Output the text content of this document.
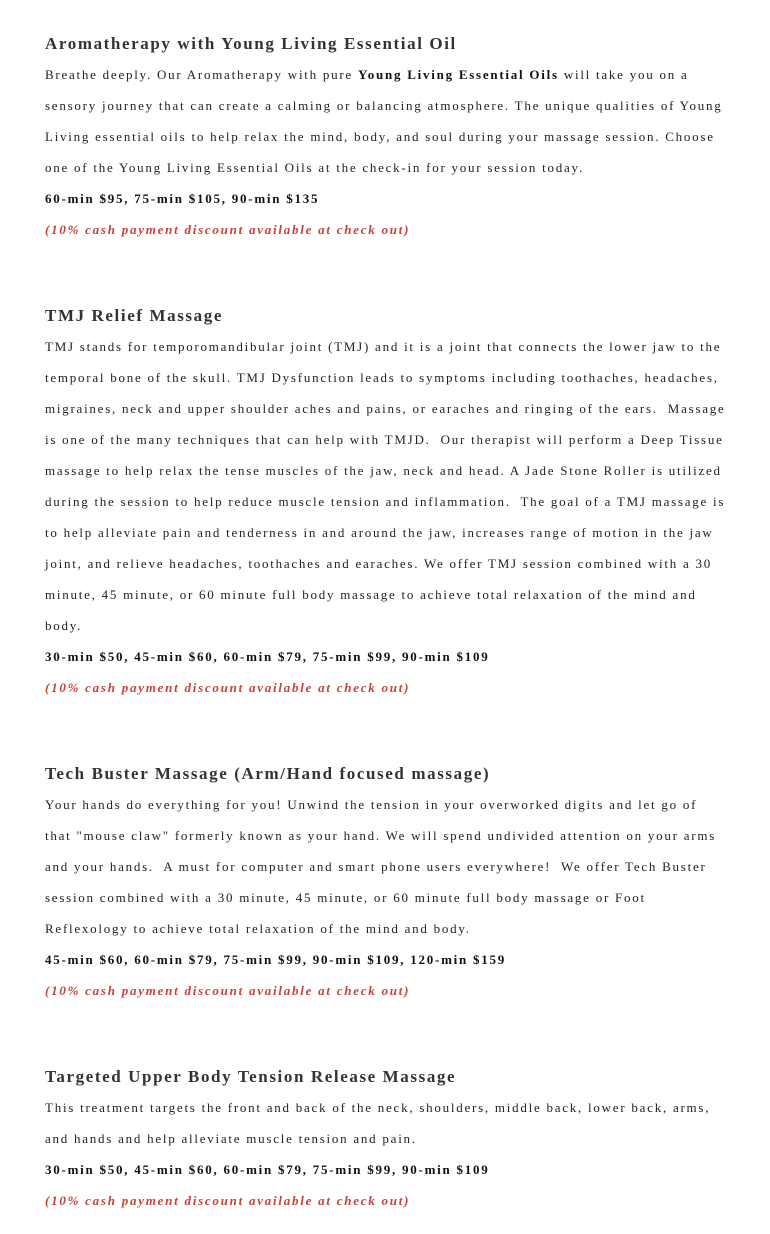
Aromatherapy with Young Living Essential Oil

Breathe deeply. Our Aromatherapy with pure Young Living Essential Oils will take you on a sensory journey that can create a calming or balancing atmosphere. The unique qualities of Young Living essential oils to help relax the mind, body, and soul during your massage session. Choose one of the Young Living Essential Oils at the check-in for your session today.

60-min $95, 75-min $105, 90-min $135

(10% cash payment discount available at check out)

TMJ Relief Massage

TMJ stands for temporomandibular joint (TMJ) and it is a joint that connects the lower jaw to the temporal bone of the skull. TMJ Dysfunction leads to symptoms including toothaches, headaches, migraines, neck and upper shoulder aches and pains, or earaches and ringing of the ears.  Massage is one of the many techniques that can help with TMJD.  Our therapist will perform a Deep Tissue massage to help relax the tense muscles of the jaw, neck and head. A Jade Stone Roller is utilized during the session to help reduce muscle tension and inflammation.  The goal of a TMJ massage is to help alleviate pain and tenderness in and around the jaw, increases range of motion in the jaw joint, and relieve headaches, toothaches and earaches. We offer TMJ session combined with a 30 minute, 45 minute, or 60 minute full body massage to achieve total relaxation of the mind and body.

30-min $50, 45-min $60, 60-min $79, 75-min $99, 90-min $109

(10% cash payment discount available at check out)

Tech Buster Massage (Arm/Hand focused massage)

Your hands do everything for you! Unwind the tension in your overworked digits and let go of that "mouse claw" formerly known as your hand. We will spend undivided attention on your arms and your hands.  A must for computer and smart phone users everywhere!  We offer Tech Buster session combined with a 30 minute, 45 minute, or 60 minute full body massage or Foot Reflexology to achieve total relaxation of the mind and body.

45-min $60, 60-min $79, 75-min $99, 90-min $109, 120-min $159

(10% cash payment discount available at check out)

Targeted Upper Body Tension Release Massage

This treatment targets the front and back of the neck, shoulders, middle back, lower back, arms, and hands and help alleviate muscle tension and pain.

30-min $50, 45-min $60, 60-min $79, 75-min $99, 90-min $109

(10% cash payment discount available at check out)
